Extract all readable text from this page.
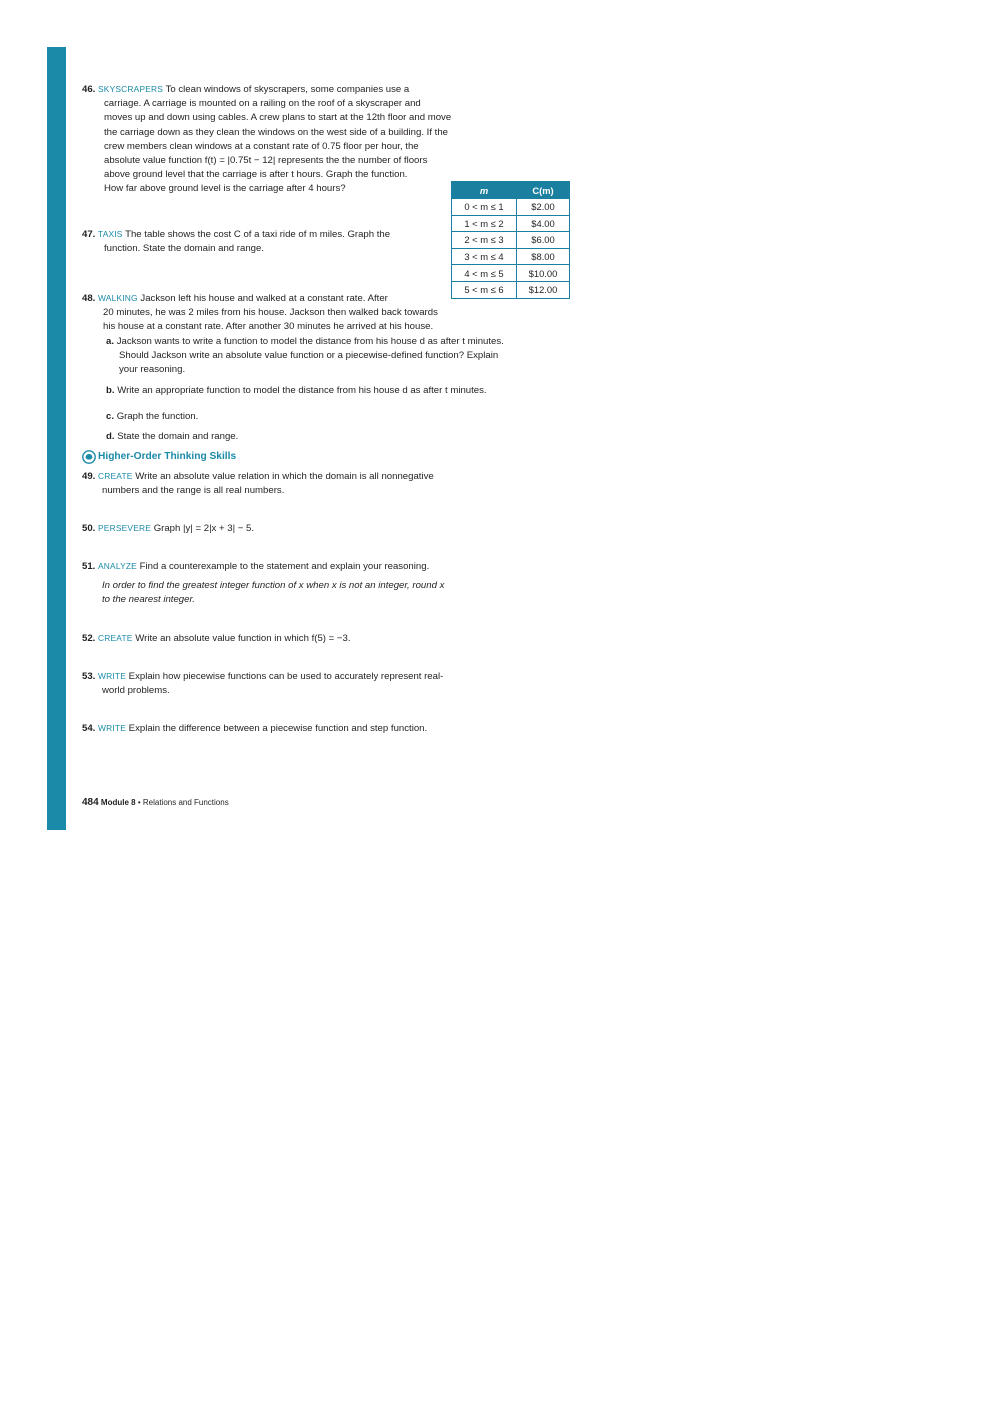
46. SKYSCRAPERS To clean windows of skyscrapers, some companies use a
carriage. A carriage is mounted on a railing on the roof of a skyscraper and
moves up and down using cables. A crew plans to start at the 12th floor and move
the carriage down as they clean the windows on the west side of a building. If the
crew members clean windows at a constant rate of 0.75 floor per hour, the
absolute value function f(t) = |0.75t − 12| represents the the number of floors
above ground level that the carriage is after t hours. Graph the function.
How far above ground level is the carriage after 4 hours?
47. TAXIS The table shows the cost C of a taxi ride of m miles. Graph the
function. State the domain and range.
48. WALKING Jackson left his house and walked at a constant rate. After
20 minutes, he was 2 miles from his house. Jackson then walked back towards
his house at a constant rate. After another 30 minutes he arrived at his house.
a. Jackson wants to write a function to model the distance from his house d as after t minutes.
Should Jackson write an absolute value function or a piecewise-defined function? Explain
your reasoning.
b. Write an appropriate function to model the distance from his house d as after t minutes.
c. Graph the function.
d. State the domain and range.
Higher-Order Thinking Skills
49. CREATE Write an absolute value relation in which the domain is all nonnegative
numbers and the range is all real numbers.
50. PERSEVERE Graph |y| = 2|x + 3| − 5.
51. ANALYZE Find a counterexample to the statement and explain your reasoning.
In order to find the greatest integer function of x when x is not an integer, round x
to the nearest integer.
52. CREATE Write an absolute value function in which f(5) = −3.
53. WRITE Explain how piecewise functions can be used to accurately represent real-
world problems.
54. WRITE Explain the difference between a piecewise function and step function.
m	C(m)
0 < m ≤ 1	$2.00
1 < m ≤ 2	$4.00
2 < m ≤ 3	$6.00
3 < m ≤ 4	$8.00
4 < m ≤ 5	$10.00
5 < m ≤ 6	$12.00
484 Module 8 • Relations and Functions
